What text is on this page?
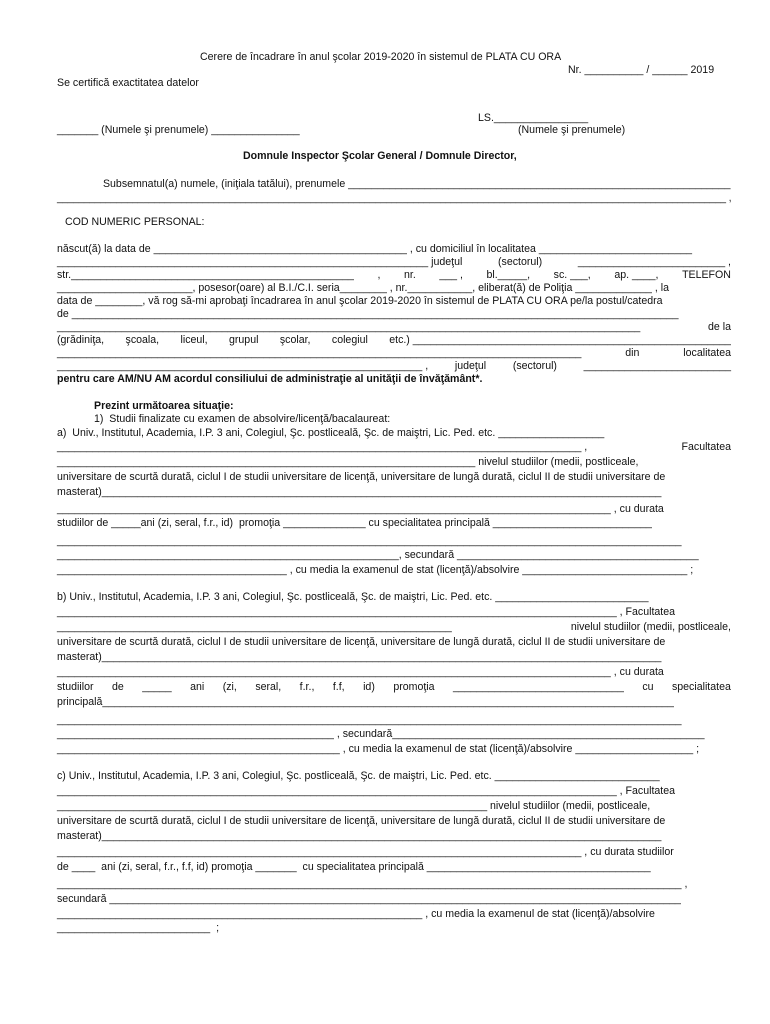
Cerere de încadrare în anul şcolar 2019-2020 în sistemul de PLATA CU ORA
Nr. __________ / ______ 2019
Se certifică exactitatea datelor
LS.________________
_______ (Numele şi prenumele) _______________	(Numele şi prenumele)
Domnule Inspector Şcolar General / Domnule Director,
Subsemnatul(a) numele, (iniţiala tatălui), prenumele _________________________________________________________________
____________________________________________________________________________________________________________________________ ,
COD NUMERIC PERSONAL:
născut(ă) la data de ___________________________________________ , cu domiciliul în localitatea __________________________
_______________________________________________________________ judeţul	(sectorul)	_________________________ ,
str.________________________________________________ , nr. ___ , bl._____, sc. ___, ap. ____, TELEFON
_______________________, posesor(oare) al B.I./C.I. seria________ , nr.___________, eliberat(ă) de Poliţia _____________ , la
data de ________, vă rog să-mi aprobaţi încadrarea în anul şcolar 2019-2020 în sistemul de PLATA CU ORA pe/la postul/catedra
de _______________________________________________________________________________________________________
___________________________________________________________________________________________________	de la
(grădiniţa, şcoala, liceul, grupul şcolar, colegiul etc.) ______________________________________________________
_________________________________________________________________________________________	din	localitatea
______________________________________________________________ ,	judeţul	(sectorul)	_________________________
pentru care AM/NU AM acordul consiliului de administraţie al unităţii de învăţământ*.
Prezint următoarea situaţie:
1)  Studii finalizate cu examen de absolvire/licenţă/bacalaureat:
a)  Univ., Institutul, Academia, I.P. 3 ani, Colegiul, Şc. postliceală, Şc. de maiştri, Lic. Ped. etc. __________________
_________________________________________________________________________________________ ,	Facultatea
_______________________________________________________________________ nivelul studiilor (medii, postliceale,
universitare de scurtă durată, ciclul I de studii universitare de licenţă, universitare de lungă durată, ciclul II de studii universitare de
masterat)_______________________________________________________________________________________________
______________________________________________________________________________________________ , cu durata
studiilor de _____ani (zi, seral, f.r., id)  promoţia ______________ cu specialitatea principală ___________________________
__________________________________________________________________________________________________________
__________________________________________________________, secundară _________________________________________
_______________________________________ , cu media la examenul de stat (licenţă)/absolvire ____________________________ ;
b) Univ., Institutul, Academia, I.P. 3 ani, Colegiul, Şc. postliceală, Şc. de maiştri, Lic. Ped. etc. __________________________
_______________________________________________________________________________________________ , Facultatea
___________________________________________________________________	nivelul studiilor (medii, postliceale,
universitare de scurtă durată, ciclul I de studii universitare de licenţă, universitare de lungă durată, ciclul II de studii universitare de
masterat)_______________________________________________________________________________________________
______________________________________________________________________________________________ , cu durata
studiilor de _____ ani (zi, seral, f.r., f.f, id) promoţia _____________________________ cu specialitatea
principală_________________________________________________________________________________________________
__________________________________________________________________________________________________________
_______________________________________________ , secundară_____________________________________________________
________________________________________________ , cu media la examenul de stat (licenţă)/absolvire ____________________ ;
c) Univ., Institutul, Academia, I.P. 3 ani, Colegiul, Şc. postliceală, Şc. de maiştri, Lic. Ped. etc. ____________________________
_______________________________________________________________________________________________ , Facultatea
_________________________________________________________________________ nivelul studiilor (medii, postliceale,
universitare de scurtă durată, ciclul I de studii universitare de licenţă, universitare de lungă durată, ciclul II de studii universitare de
masterat)_______________________________________________________________________________________________
_________________________________________________________________________________________ , cu durata studiilor
de ____  ani (zi, seral, f.r., f.f, id) promoţia _______  cu specialitatea principală ______________________________________
__________________________________________________________________________________________________________ ,
secundară _________________________________________________________________________________________________
______________________________________________________________ , cu media la examenul de stat (licenţă)/absolvire
__________________________  ;
